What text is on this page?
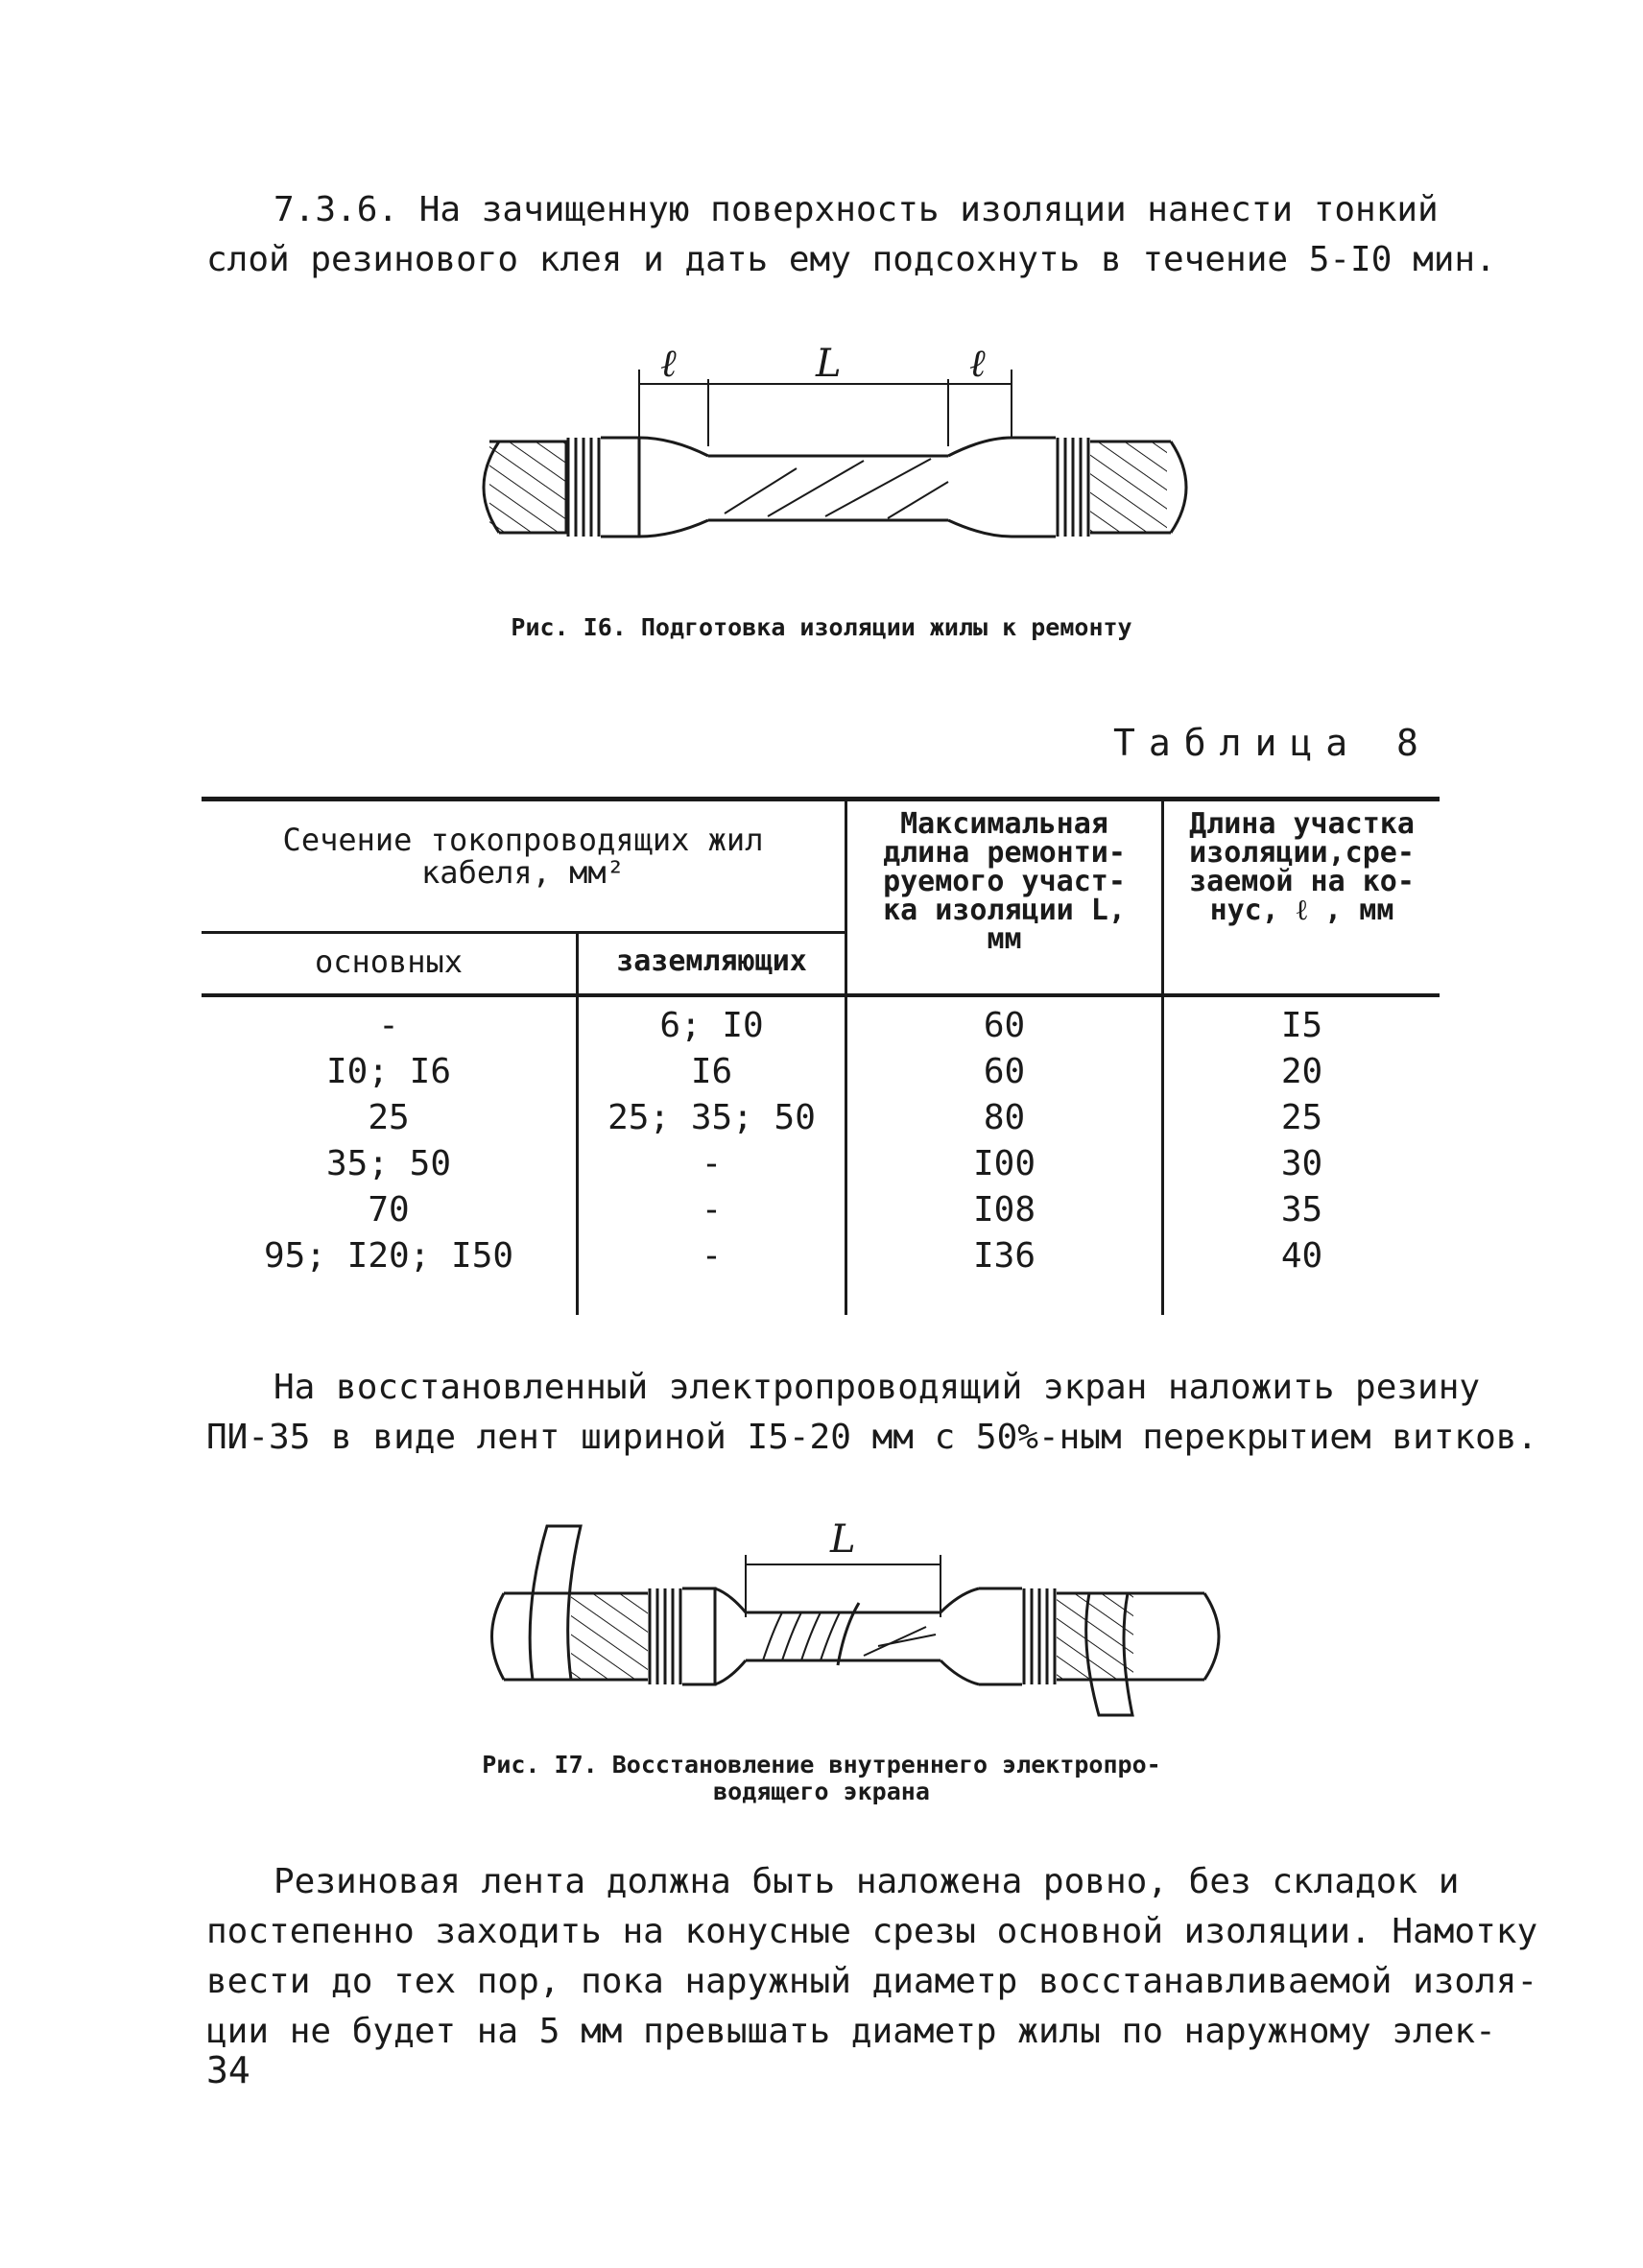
7.3.6. На зачищенную поверхность изоляции нанести тонкий
слой резинового клея и дать ему подсохнуть в течение 5-I0 мин.
ℓ	L	ℓ
Рис. I6. Подготовка изоляции жилы к ремонту
Таблица 8
Сечение токопроводящих жил
кабеля, мм²
основных	заземляющих
Максимальная
длина ремонти-
руемого участ-
ка изоляции L,
мм
Длина участка
изоляции,сре-
заемой на ко-
нус, ℓ , мм
-	6; I0	60	I5
I0; I6	I6	60	20
25	25; 35; 50	80	25
35; 50	-	I00	30
70	-	I08	35
95; I20; I50	-	I36	40
На восстановленный электропроводящий экран наложить резину
ПИ-35 в виде лент шириной I5-20 мм с 50%-ным перекрытием витков.
L
Рис. I7. Восстановление внутреннего электропро-
водящего экрана
Резиновая лента должна быть наложена ровно, без складок и
постепенно заходить на конусные срезы основной изоляции. Намотку
вести до тех пор, пока наружный диаметр восстанавливаемой изоля-
ции не будет на 5 мм превышать диаметр жилы по наружному элек-
34
